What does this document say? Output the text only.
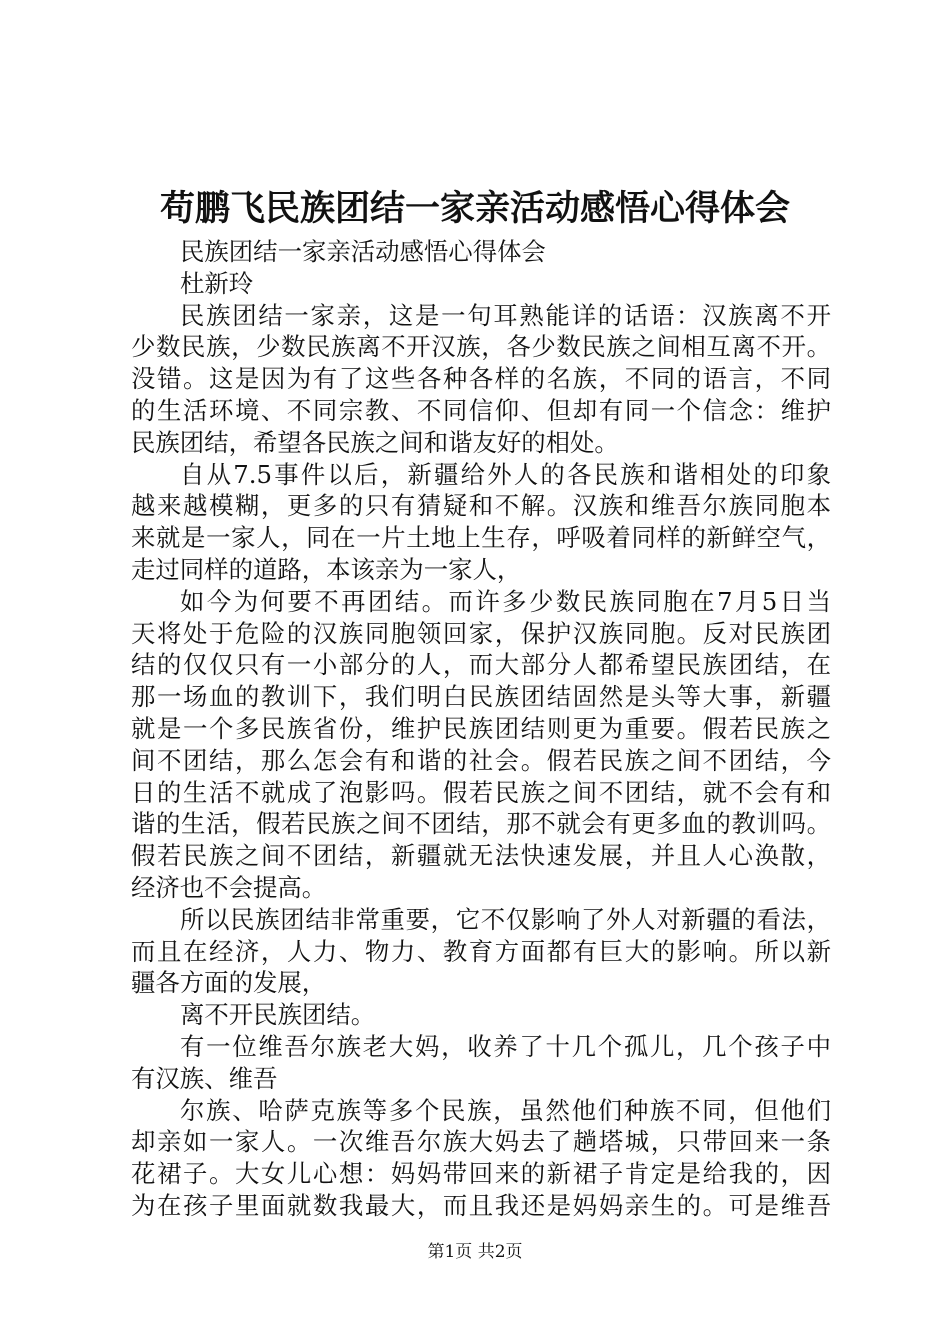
苟鹏飞民族团结一家亲活动感悟心得体会
民族团结一家亲活动感悟心得体会
杜新玲
民族团结一家亲，这是一句耳熟能详的话语：汉族离不开
少数民族，少数民族离不开汉族，各少数民族之间相互离不开。
没错。这是因为有了这些各种各样的名族，不同的语言，不同
的生活环境、不同宗教、不同信仰、但却有同一个信念：维护
民族团结，希望各民族之间和谐友好的相处。
自从7.5事件以后，新疆给外人的各民族和谐相处的印象
越来越模糊，更多的只有猜疑和不解。汉族和维吾尔族同胞本
来就是一家人，同在一片土地上生存，呼吸着同样的新鲜空气，
走过同样的道路，本该亲为一家人，
如今为何要不再团结。而许多少数民族同胞在7月5日当
天将处于危险的汉族同胞领回家，保护汉族同胞。反对民族团
结的仅仅只有一小部分的人，而大部分人都希望民族团结，在
那一场血的教训下，我们明白民族团结固然是头等大事，新疆
就是一个多民族省份，维护民族团结则更为重要。假若民族之
间不团结，那么怎会有和谐的社会。假若民族之间不团结，今
日的生活不就成了泡影吗。假若民族之间不团结，就不会有和
谐的生活，假若民族之间不团结，那不就会有更多血的教训吗。
假若民族之间不团结，新疆就无法快速发展，并且人心涣散，
经济也不会提高。
所以民族团结非常重要，它不仅影响了外人对新疆的看法，
而且在经济，人力、物力、教育方面都有巨大的影响。所以新
疆各方面的发展，
离不开民族团结。
有一位维吾尔族老大妈，收养了十几个孤儿，几个孩子中
有汉族、维吾
尔族、哈萨克族等多个民族，虽然他们种族不同，但他们
却亲如一家人。一次维吾尔族大妈去了趟塔城，只带回来一条
花裙子。大女儿心想：妈妈带回来的新裙子肯定是给我的，因
为在孩子里面就数我最大，而且我还是妈妈亲生的。可是维吾
第1页 共2页
